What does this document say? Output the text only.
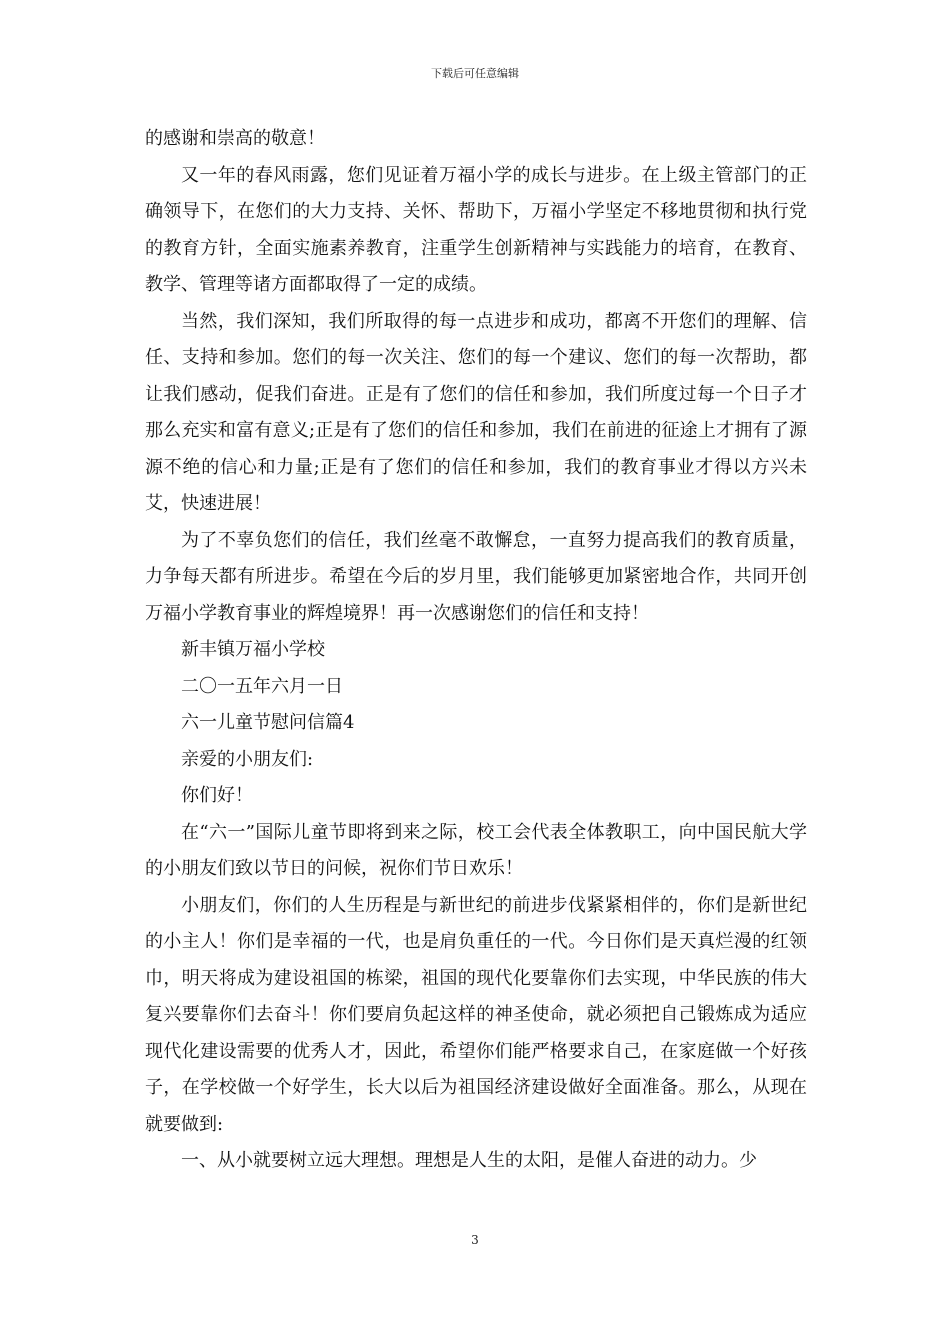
下载后可任意编辑

的感谢和崇高的敬意！

又一年的春风雨露，您们见证着万福小学的成长与进步。在上级主管部门的正确领导下，在您们的大力支持、关怀、帮助下，万福小学坚定不移地贯彻和执行党的教育方针，全面实施素养教育，注重学生创新精神与实践能力的培育，在教育、教学、管理等诸方面都取得了一定的成绩。

当然，我们深知，我们所取得的每一点进步和成功，都离不开您们的理解、信任、支持和参加。您们的每一次关注、您们的每一个建议、您们的每一次帮助，都让我们感动，促我们奋进。正是有了您们的信任和参加，我们所度过每一个日子才那么充实和富有意义;正是有了您们的信任和参加，我们在前进的征途上才拥有了源源不绝的信心和力量;正是有了您们的信任和参加，我们的教育事业才得以方兴未艾，快速进展！

为了不辜负您们的信任，我们丝毫不敢懈怠，一直努力提高我们的教育质量，力争每天都有所进步。希望在今后的岁月里，我们能够更加紧密地合作，共同开创万福小学教育事业的辉煌境界！再一次感谢您们的信任和支持！

新丰镇万福小学校

二〇一五年六月一日

六一儿童节慰问信篇4

亲爱的小朋友们:

你们好！

在“六一”国际儿童节即将到来之际，校工会代表全体教职工，向中国民航大学的小朋友们致以节日的问候，祝你们节日欢乐！

小朋友们，你们的人生历程是与新世纪的前进步伐紧紧相伴的，你们是新世纪的小主人！你们是幸福的一代，也是肩负重任的一代。今日你们是天真烂漫的红领巾，明天将成为建设祖国的栋梁，祖国的现代化要靠你们去实现，中华民族的伟大复兴要靠你们去奋斗！你们要肩负起这样的神圣使命，就必须把自己锻炼成为适应现代化建设需要的优秀人才，因此，希望你们能严格要求自己，在家庭做一个好孩子，在学校做一个好学生，长大以后为祖国经济建设做好全面准备。那么，从现在就要做到:

一、从小就要树立远大理想。理想是人生的太阳，是催人奋进的动力。少

3
